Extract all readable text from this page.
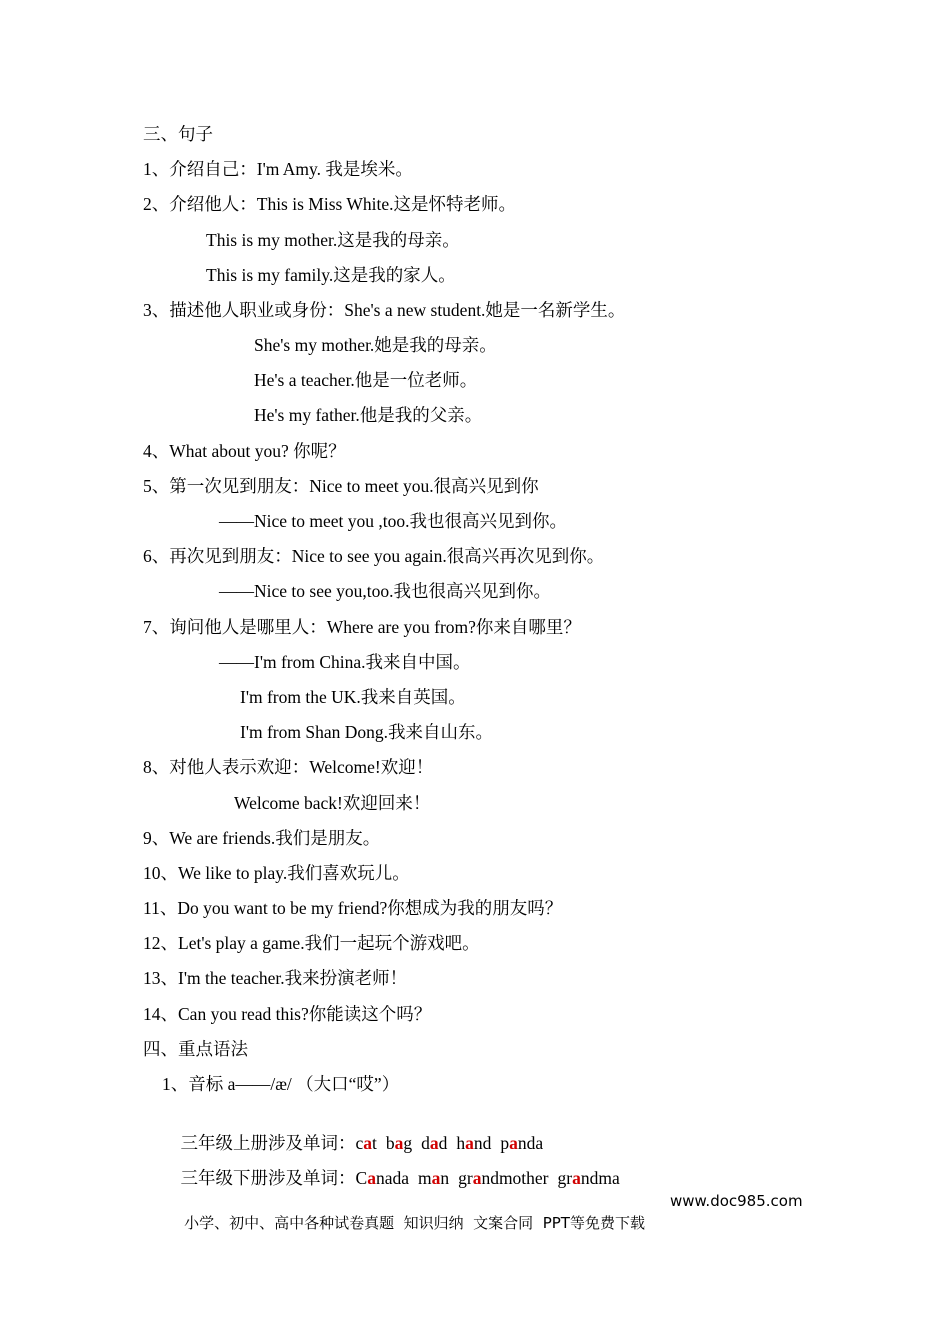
三、句子
1、介绍自己：I'm Amy. 我是埃米。
2、介绍他人：This is Miss White.这是怀特老师。
This is my mother.这是我的母亲。
This is my family.这是我的家人。
3、描述他人职业或身份：She's a new student.她是一名新学生。
She's my mother.她是我的母亲。
He's a teacher.他是一位老师。
He's my father.他是我的父亲。
4、What about you? 你呢？
5、第一次见到朋友：Nice to meet you.很高兴见到你
——Nice to meet you ,too.我也很高兴见到你。
6、再次见到朋友：Nice to see you again.很高兴再次见到你。
——Nice to see you,too.我也很高兴见到你。
7、询问他人是哪里人：Where are you from?你来自哪里？
——I'm from China.我来自中国。
I'm from the UK.我来自英国。
I'm from Shan Dong.我来自山东。
8、对他人表示欢迎：Welcome!欢迎！
Welcome back!欢迎回来！
9、We are friends.我们是朋友。
10、We like to play.我们喜欢玩儿。
11、Do you want to be my friend?你想成为我的朋友吗？
12、Let's play a game.我们一起玩个游戏吧。
13、I'm the teacher.我来扮演老师！
14、Can you read this?你能读这个吗？
四、重点语法
1、音标 a——/æ/ （大口“哎”）

三年级上册涉及单词：cat bag dad hand panda

三年级下册涉及单词：Canada man grandmother grandma

小学、初中、高中各种试卷真题  知识归纳  文案合同  PPT等免费下载

www.doc985.com
